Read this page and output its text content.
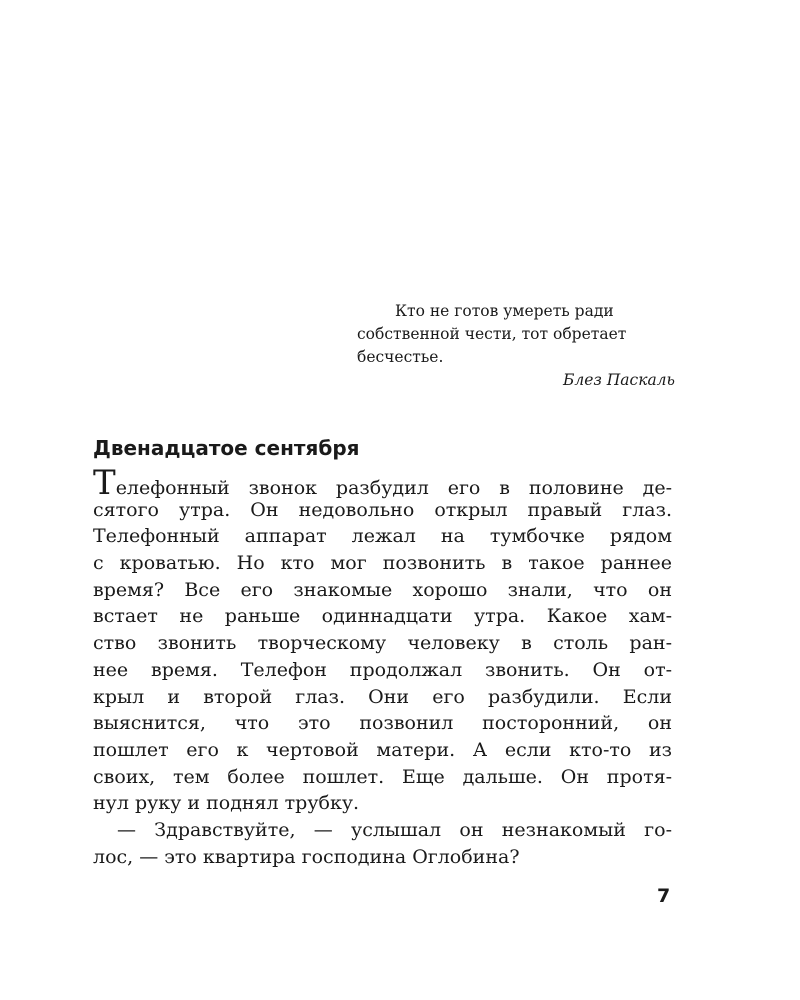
Кто не готов умереть ради
собственной чести, тот обретает
бесчестье.
Блез Паскаль
Двенадцатое сентября
Телефонный звонок разбудил его в половине де-
сятого утра. Он недовольно открыл правый глаз.
Телефонный аппарат лежал на тумбочке рядом
с кроватью. Но кто мог позвонить в такое раннее
время? Все его знакомые хорошо знали, что он
встает не раньше одиннадцати утра. Какое хам-
ство звонить творческому человеку в столь ран-
нее время. Телефон продолжал звонить. Он от-
крыл и второй глаз. Они его разбудили. Если
выяснится, что это позвонил посторонний, он
пошлет его к чертовой матери. А если кто-то из
своих, тем более пошлет. Еще дальше. Он протя-
нул руку и поднял трубку.
— Здравствуйте, — услышал он незнакомый го-
лос, — это квартира господина Оглобина?
7
